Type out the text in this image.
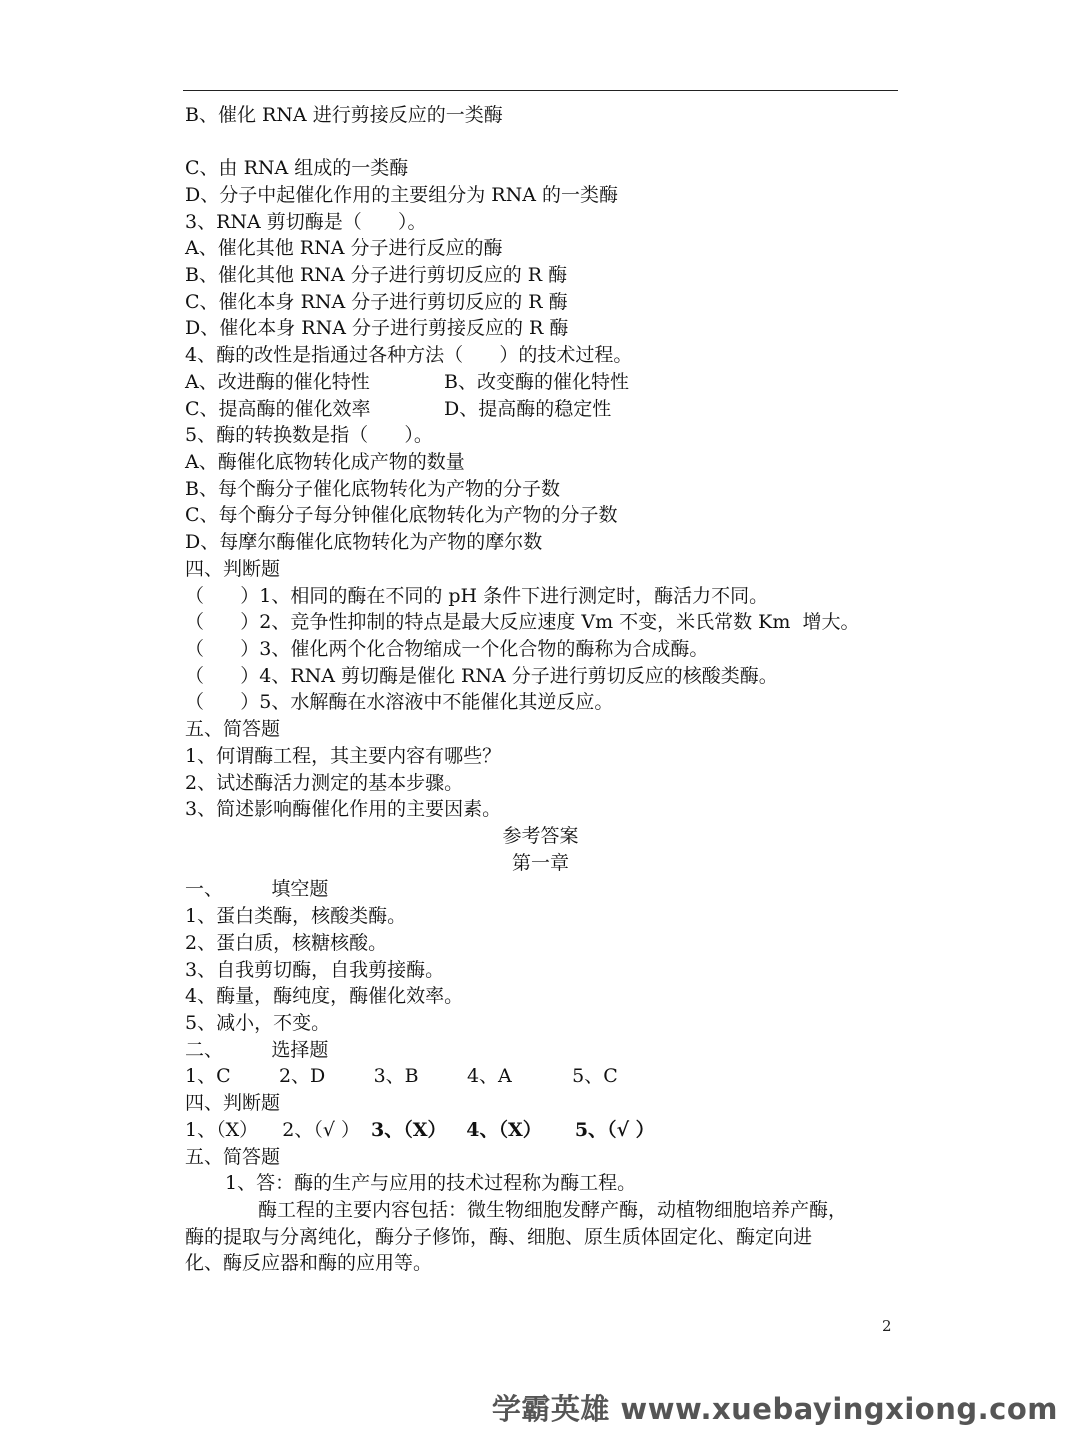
B、催化 RNA 进行剪接反应的一类酶
C、由 RNA 组成的一类酶
D、分子中起催化作用的主要组分为 RNA 的一类酶
3、RNA 剪切酶是（      ）。
A、催化其他 RNA 分子进行反应的酶
B、催化其他 RNA 分子进行剪切反应的 R 酶
C、催化本身 RNA 分子进行剪切反应的 R 酶
D、催化本身 RNA 分子进行剪接反应的 R 酶
4、酶的改性是指通过各种方法（      ）的技术过程。
A、改进酶的催化特性	B、改变酶的催化特性
C、提高酶的催化效率	D、提高酶的稳定性
5、酶的转换数是指（      ）。
A、酶催化底物转化成产物的数量
B、每个酶分子催化底物转化为产物的分子数
C、每个酶分子每分钟催化底物转化为产物的分子数
D、每摩尔酶催化底物转化为产物的摩尔数
四、判断题
（      ）1、相同的酶在不同的 pH 条件下进行测定时，酶活力不同。
（      ）2、竞争性抑制的特点是最大反应速度 Vm 不变，米氏常数 Km  增大。
（      ）3、催化两个化合物缩成一个化合物的酶称为合成酶。
（      ）4、RNA 剪切酶是催化 RNA 分子进行剪切反应的核酸类酶。
（      ）5、水解酶在水溶液中不能催化其逆反应。
五、简答题
1、何谓酶工程，其主要内容有哪些？
2、试述酶活力测定的基本步骤。
3、简述影响酶催化作用的主要因素。
参考答案
第一章
一、        填空题
1、蛋白类酶，核酸类酶。
2、蛋白质，核糖核酸。
3、自我剪切酶，自我剪接酶。
4、酶量，酶纯度，酶催化效率。
5、减小，不变。
二、        选择题
1、C        2、D        3、B        4、A          5、C
四、判断题
1、（X）    2、（√ ） 3、（X）   4、（X）     5、（√ ）
五、简答题
1、答：酶的生产与应用的技术过程称为酶工程。
酶工程的主要内容包括：微生物细胞发酵产酶，动植物细胞培养产酶，
酶的提取与分离纯化，酶分子修饰，酶、细胞、原生质体固定化、酶定向进
化、酶反应器和酶的应用等。
2
学霸英雄 www.xuebayingxiong.com
